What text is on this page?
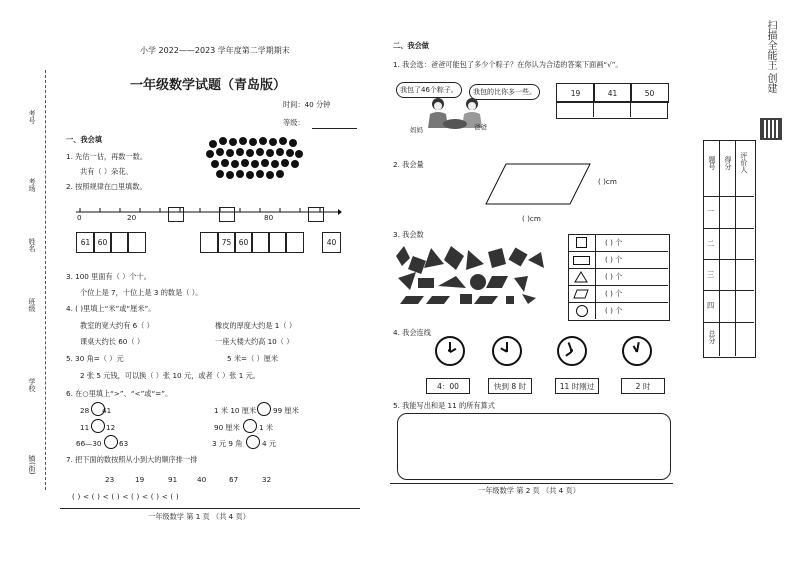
考号
考场
姓名
班级
学校
镇(街)
小学 2022——2023 学年度第二学期期末
一年级数学试题（青岛版）
时间：40 分钟
等级：
一、我会填
1. 先估一估，再数一数。
共有（ ）朵花。
2. 按照规律在□里填数。
0	20	80
61 60	75 60	40
3. 100 里面有（ ）个十。
个位上是 7，十位上是 3 的数是（ ）。
4. ( )里填上“米”或“厘米”。
教室的宽大约有 6（ ）	橡皮的厚度大约是 1（ ）
课桌大约长 60（ ）	一座大楼大约高 10（ ）
5. 30 角=（ ）元	5 米=（ ）厘米
2 张 5 元钱，可以换（ ）张 10 元，或者（ ）张 1 元。
6. 在○里填上“>”、“<”或“=”。
28 41	1 米 10 厘米 99 厘米
11 12	90 厘米	1 米
66—30 63	3 元 9 角	4 元
7. 把下面的数按照从小到大的顺序排一排
23	19	91	40	67	32
( ) < ( ) < ( ) < ( ) < ( ) < ( )
一年级数学 第 1 页 （共 4 页）
二、我会做
1. 我会选：爸爸可能包了多少个粽子？在你认为合适的答案下面画“√”。
我包了46个粽子。	我包的比你多一些。
妈妈	爸爸
19	41	50
2. 我会量
( )cm
( )cm
3. 我会数
( ) 个
( ) 个
( ) 个
( ) 个
( ) 个
4. 我会连线
4：00	快到 8 时	11 时刚过	2 时
5. 我能写出和是 11 的所有算式
一年级数学 第 2 页 （共 4 页）
题号 得分 评价人
一
二
三
四
总分
扫描全能王 创建
